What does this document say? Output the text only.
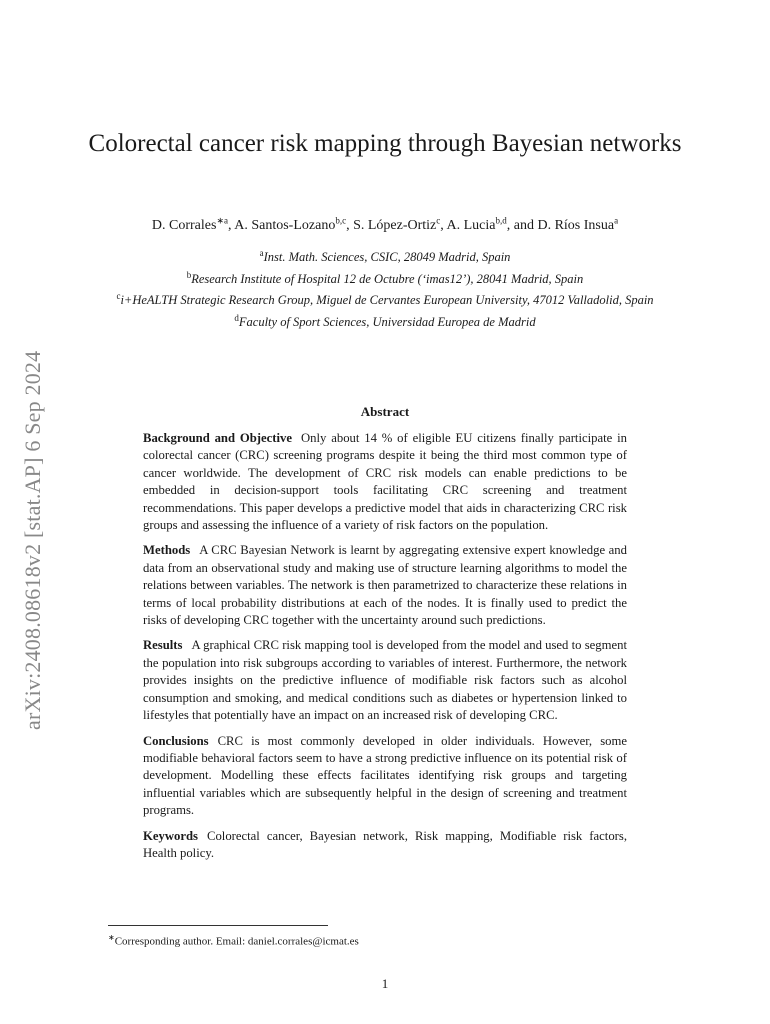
arXiv:2408.08618v2 [stat.AP] 6 Sep 2024
Colorectal cancer risk mapping through Bayesian networks
D. Corrales$^{∗a}$, A. Santos-Lozano$^{b,c}$, S. López-Ortiz$^c$, A. Lucia$^{b,d}$, and D. Ríos Insua$^a$
$^a$Inst. Math. Sciences, CSIC, 28049 Madrid, Spain
$^b$Research Institute of Hospital 12 de Octubre (‘imas12’), 28041 Madrid, Spain
$^c$i+HeALTH Strategic Research Group, Miguel de Cervantes European University, 47012 Valladolid, Spain
$^d$Faculty of Sport Sciences, Universidad Europea de Madrid
Abstract

Background and Objective Only about 14 % of eligible EU citizens finally participate in colorectal cancer (CRC) screening programs despite it being the third most common type of cancer worldwide. The development of CRC risk models can enable predictions to be embedded in decision-support tools facilitating CRC screening and treatment recommendations. This paper develops a predictive model that aids in characterizing CRC risk groups and assessing the influence of a variety of risk factors on the population.

Methods A CRC Bayesian Network is learnt by aggregating extensive expert knowledge and data from an observational study and making use of structure learning algorithms to model the relations between variables. The network is then parametrized to characterize these relations in terms of local probability distributions at each of the nodes. It is finally used to predict the risks of developing CRC together with the uncertainty around such predictions.

Results A graphical CRC risk mapping tool is developed from the model and used to segment the population into risk subgroups according to variables of interest. Furthermore, the network provides insights on the predictive influence of modifiable risk factors such as alcohol consumption and smoking, and medical conditions such as diabetes or hypertension linked to lifestyles that potentially have an impact on an increased risk of developing CRC.

Conclusions CRC is most commonly developed in older individuals. However, some modifiable behavioral factors seem to have a strong predictive influence on its potential risk of development. Modelling these effects facilitates identifying risk groups and targeting influential variables which are subsequently helpful in the design of screening and treatment programs.

Keywords Colorectal cancer, Bayesian network, Risk mapping, Modifiable risk factors, Health policy.

∗Corresponding author. Email: daniel.corrales@icmat.es
1
